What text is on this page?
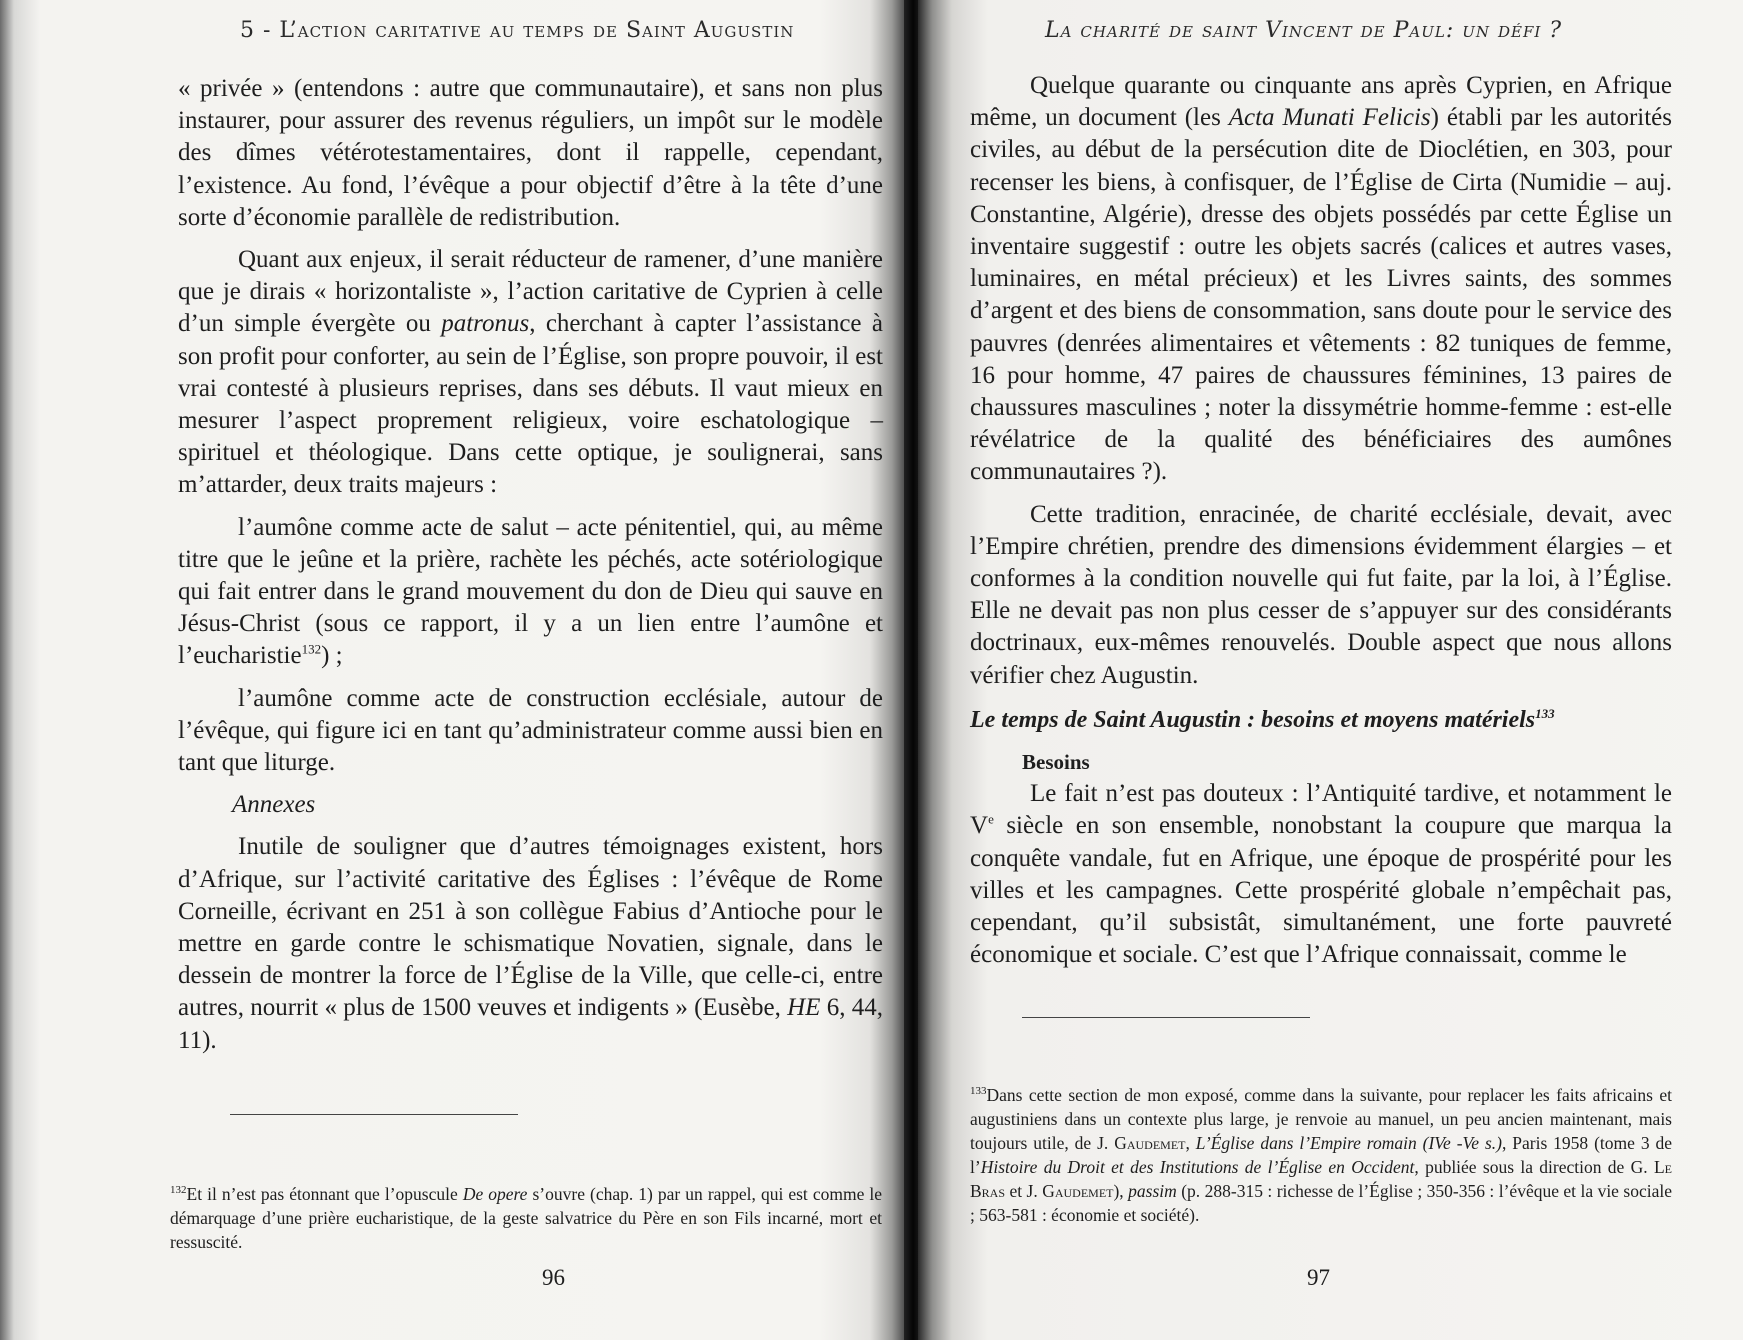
5 - L’action caritative au temps de Saint Augustin

« privée » (entendons : autre que communautaire), et sans non plus instaurer, pour assurer des revenus réguliers, un impôt sur le modèle des dîmes vétérotestamentaires, dont il rappelle, cependant, l’existence. Au fond, l’évêque a pour objectif d’être à la tête d’une sorte d’économie parallèle de redistribution.

Quant aux enjeux, il serait réducteur de ramener, d’une manière que je dirais « horizontaliste », l’action caritative de Cyprien à celle d’un simple évergète ou patronus, cherchant à capter l’assistance à son profit pour conforter, au sein de l’Église, son propre pouvoir, il est vrai contesté à plusieurs reprises, dans ses débuts. Il vaut mieux en mesurer l’aspect proprement religieux, voire eschatologique – spirituel et théologique. Dans cette optique, je soulignerai, sans m’attarder, deux traits majeurs :

l’aumône comme acte de salut – acte pénitentiel, qui, au même titre que le jeûne et la prière, rachète les péchés, acte sotériologique qui fait entrer dans le grand mouvement du don de Dieu qui sauve en Jésus-Christ (sous ce rapport, il y a un lien entre l’aumône et l’eucharistie$^{132}$) ;

l’aumône comme acte de construction ecclésiale, autour de l’évêque, qui figure ici en tant qu’administrateur comme aussi bien en tant que liturge.

Annexes

Inutile de souligner que d’autres témoignages existent, hors d’Afrique, sur l’activité caritative des Églises : l’évêque de Rome Corneille, écrivant en 251 à son collègue Fabius d’Antioche pour le mettre en garde contre le schismatique Novatien, signale, dans le dessein de montrer la force de l’Église de la Ville, que celle-ci, entre autres, nourrit « plus de 1500 veuves et indigents » (Eusèbe, HE 6, 44, 11).

$^{132}$Et il n’est pas étonnant que l’opuscule De opere s’ouvre (chap. 1) par un rappel, qui est comme le démarquage d’une prière eucharistique, de la geste salvatrice du Père en son Fils incarné, mort et ressuscité.

96
La charité de saint Vincent de Paul: un défi ?

Quelque quarante ou cinquante ans après Cyprien, en Afrique même, un document (les Acta Munati Felicis) établi par les autorités civiles, au début de la persécution dite de Dioclétien, en 303, pour recenser les biens, à confisquer, de l’Église de Cirta (Numidie – auj. Constantine, Algérie), dresse des objets possédés par cette Église un inventaire suggestif : outre les objets sacrés (calices et autres vases, luminaires, en métal précieux) et les Livres saints, des sommes d’argent et des biens de consommation, sans doute pour le service des pauvres (denrées alimentaires et vêtements : 82 tuniques de femme, 16 pour homme, 47 paires de chaussures féminines, 13 paires de chaussures masculines ; noter la dissymétrie homme-femme : est-elle révélatrice de la qualité des bénéficiaires des aumônes communautaires ?).

Cette tradition, enracinée, de charité ecclésiale, devait, avec l’Empire chrétien, prendre des dimensions évidemment élargies – et conformes à la condition nouvelle qui fut faite, par la loi, à l’Église. Elle ne devait pas non plus cesser de s’appuyer sur des considérants doctrinaux, eux-mêmes renouvelés. Double aspect que nous allons vérifier chez Augustin.

Le temps de Saint Augustin : besoins et moyens matériels$^{133}$

Besoins

Le fait n’est pas douteux : l’Antiquité tardive, et notamment le Ve siècle en son ensemble, nonobstant la coupure que marqua la conquête vandale, fut en Afrique, une époque de prospérité pour les villes et les campagnes. Cette prospérité globale n’empêchait pas, cependant, qu’il subsistât, simultanément, une forte pauvreté économique et sociale. C’est que l’Afrique connaissait, comme le

$^{133}$Dans cette section de mon exposé, comme dans la suivante, pour replacer les faits africains et augustiniens dans un contexte plus large, je renvoie au manuel, un peu ancien maintenant, mais toujours utile, de J. Gaudemet, L’Église dans l’Empire romain (IVe -Ve s.), Paris 1958 (tome 3 de l’Histoire du Droit et des Institutions de l’Église en Occident, publiée sous la direction de G. Le Bras et J. Gaudemet), passim (p. 288-315 : richesse de l’Église ; 350-356 : l’évêque et la vie sociale ; 563-581 : économie et société).

97
